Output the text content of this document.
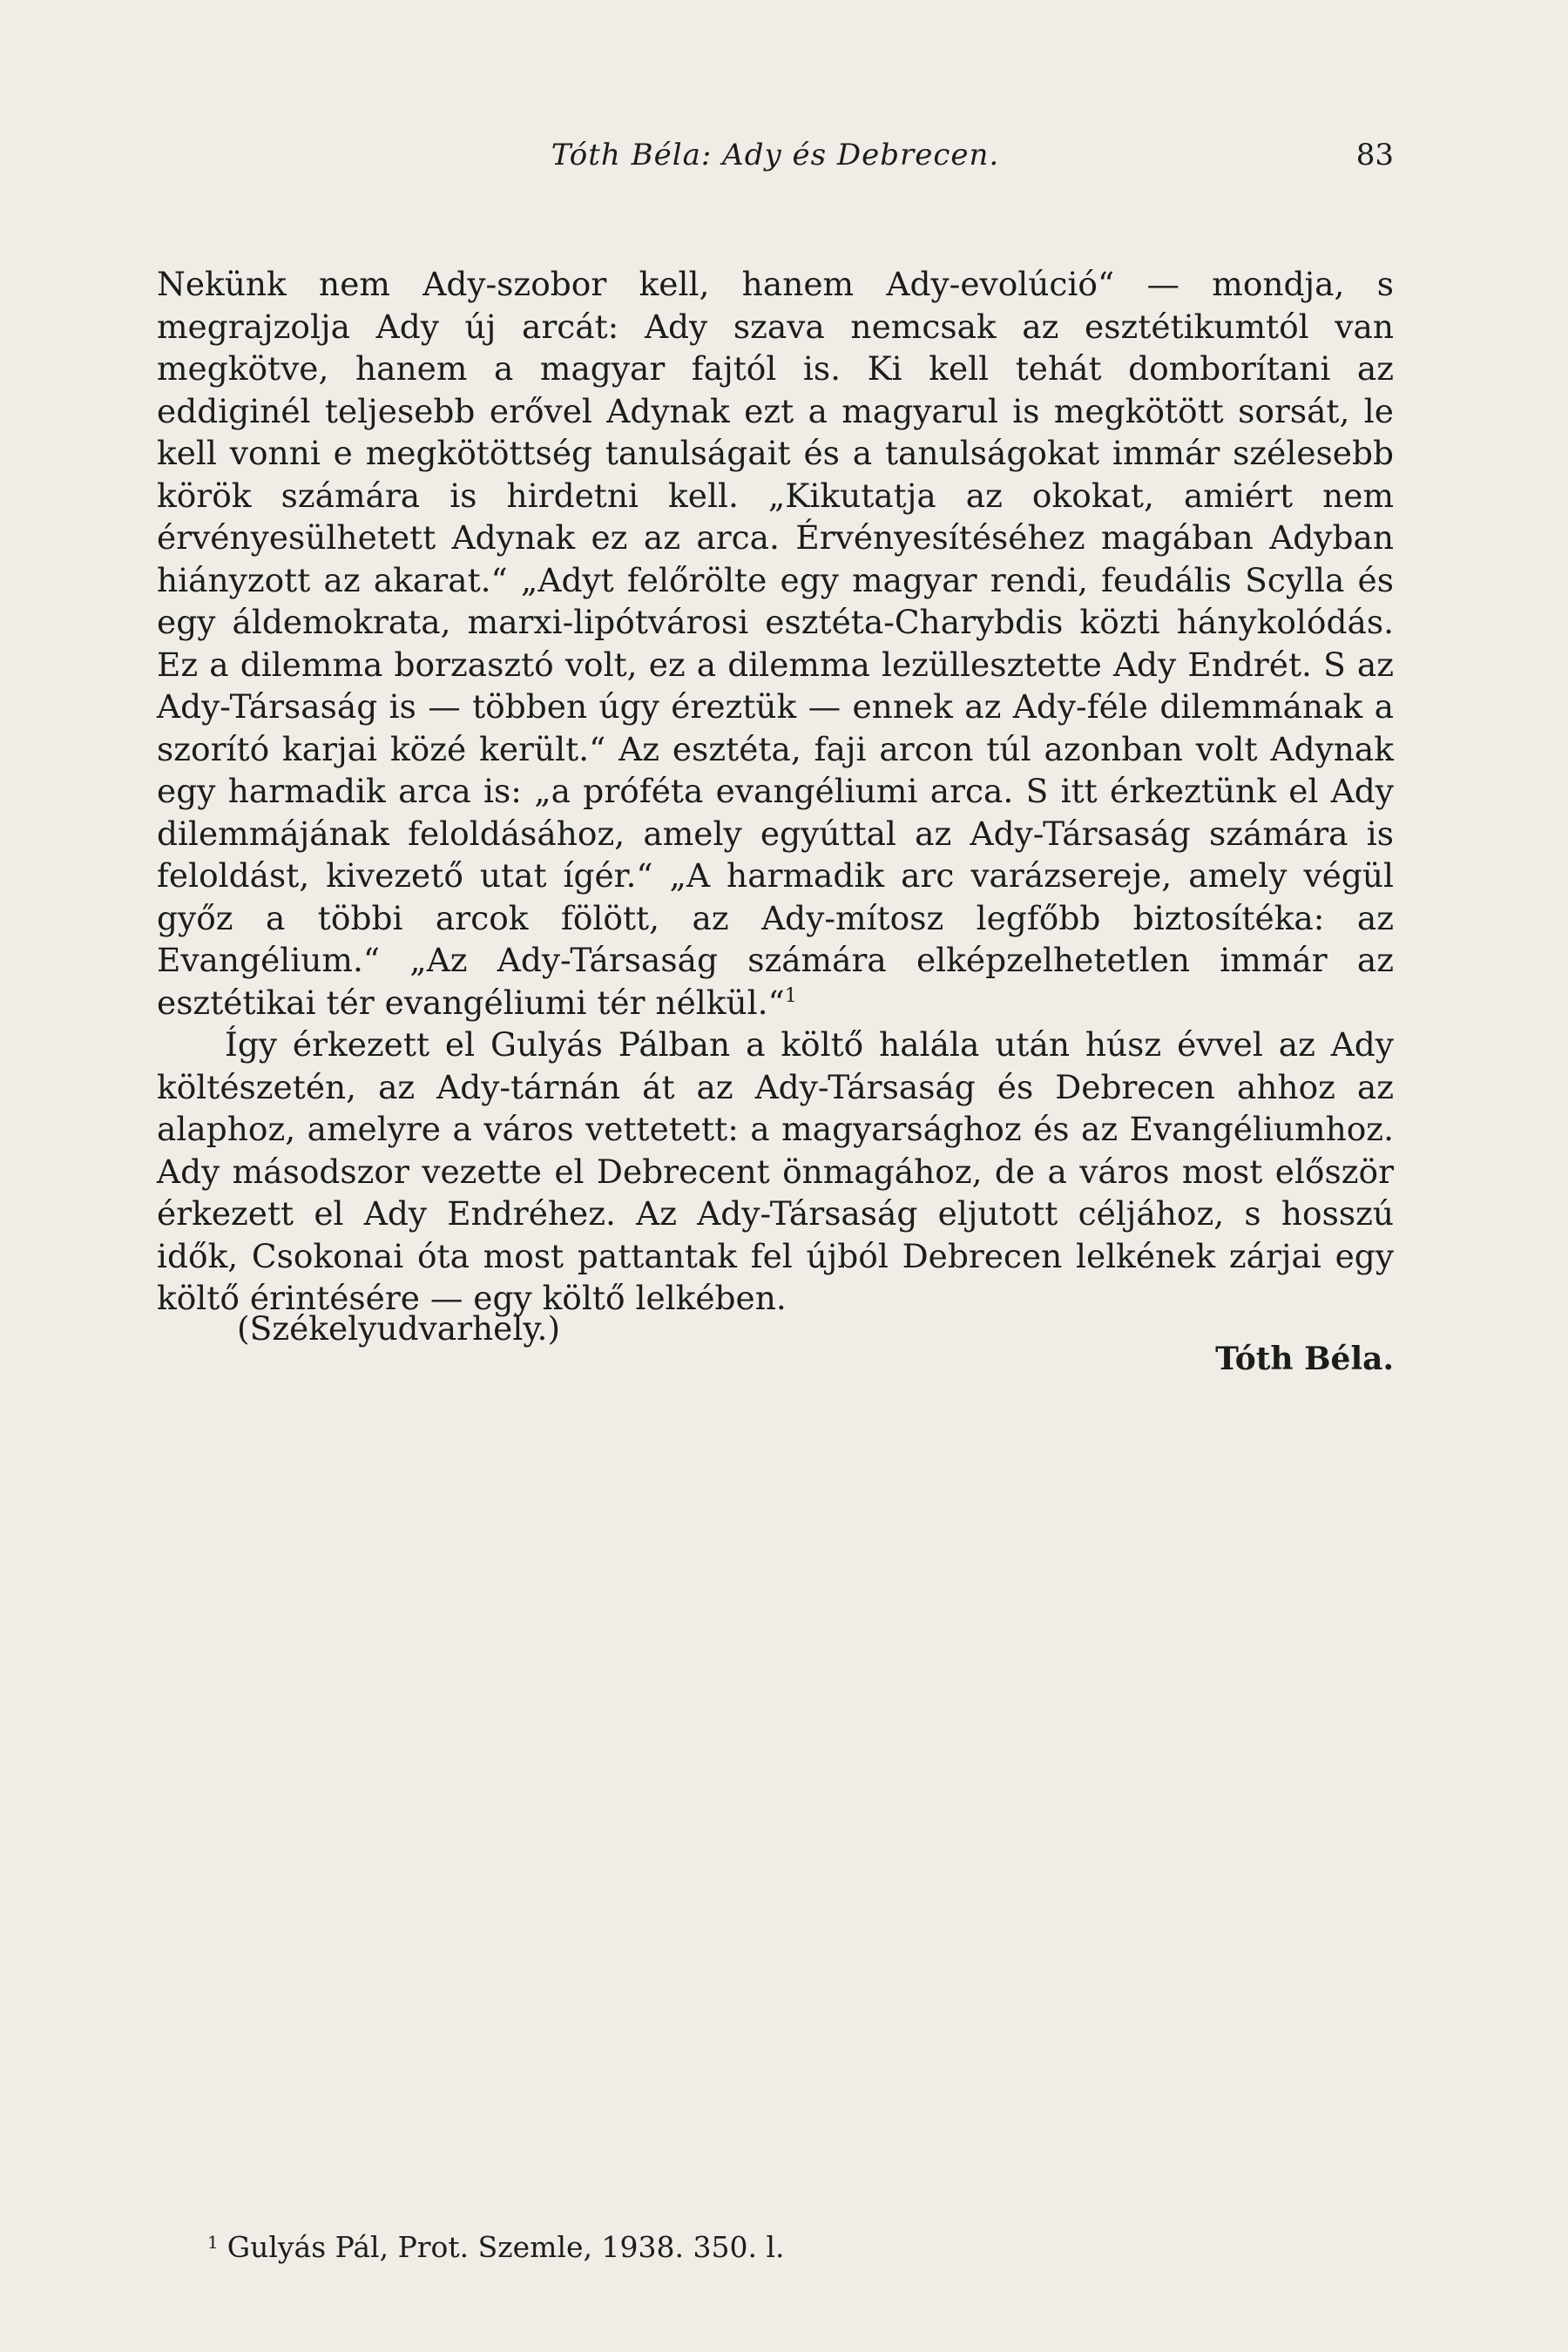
Tóth Béla: Ady és Debrecen.	83

Nekünk nem Ady-szobor kell, hanem Ady-evolúció“ — mondja, s megrajzolja Ady új arcát: Ady szava nemcsak az esztétikumtól van megkötve, hanem a magyar fajtól is. Ki kell tehát domborítani az eddiginél teljesebb erővel Adynak ezt a magyarul is megkötött sorsát, le kell vonni e megkötöttség tanulságait és a tanulságokat immár szélesebb körök számára is hirdetni kell. „Kikutatja az okokat, amiért nem érvényesülhetett Adynak ez az arca. Érvényesítéséhez magában Adyban hiányzott az akarat.“ „Adyt felőrölte egy magyar rendi, feudális Scylla és egy áldemokrata, marxi-lipótvárosi esztéta-Charybdis közti hánykolódás. Ez a dilemma borzasztó volt, ez a dilemma lezüllesztette Ady Endrét. S az Ady-Társaság is — többen úgy éreztük — ennek az Ady-féle dilemmának a szorító karjai közé került.“ Az esztéta, faji arcon túl azonban volt Adynak egy harmadik arca is: „a próféta evangéliumi arca. S itt érkeztünk el Ady dilemmájának feloldásához, amely egyúttal az Ady-Társaság számára is feloldást, kivezető utat ígér.“ „A harmadik arc varázsereje, amely végül győz a többi arcok fölött, az Ady-mítosz legfőbb biztosítéka: az Evangélium.“ „Az Ady-Társaság számára elképzelhetetlen immár az esztétikai tér evangéliumi tér nélkül.“$^1$

Így érkezett el Gulyás Pálban a költő halála után húsz évvel az Ady költészetén, az Ady-tárnán át az Ady-Társaság és Debrecen ahhoz az alaphoz, amelyre a város vettetett: a magyarsághoz és az Evangéliumhoz. Ady másodszor vezette el Debrecent önmagához, de a város most először érkezett el Ady Endréhez. Az Ady-Társaság eljutott céljához, s hosszú idők, Csokonai óta most pattantak fel újból Debrecen lelkének zárjai egy költő érintésére — egy költő lelkében.

(Székelyudvarhely.)
Tóth Béla.
$^1$ Gulyás Pál, Prot. Szemle, 1938. 350. l.
